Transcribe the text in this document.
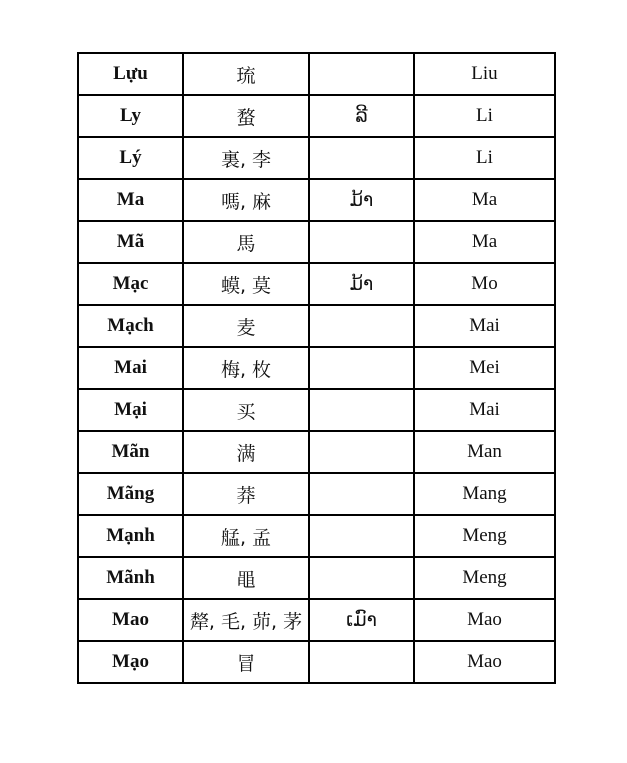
Lựu	琉		Liu
Ly	蝥	ລີ	Li
Lý	裏, 李		Li
Ma	嗎, 麻	ມ້າ	Ma
Mã	馬		Ma
Mạc	蟆, 莫	ມ້າ	Mo
Mạch	麦		Mai
Mai	梅, 枚		Mei
Mại	买		Mai
Mãn	满		Man
Mãng	莽		Mang
Mạnh	艋, 孟		Meng
Mãnh	黽		Meng
Mao	犛, 毛, 茆, 茅	ເມົາ	Mao
Mạo	冒		Mao
